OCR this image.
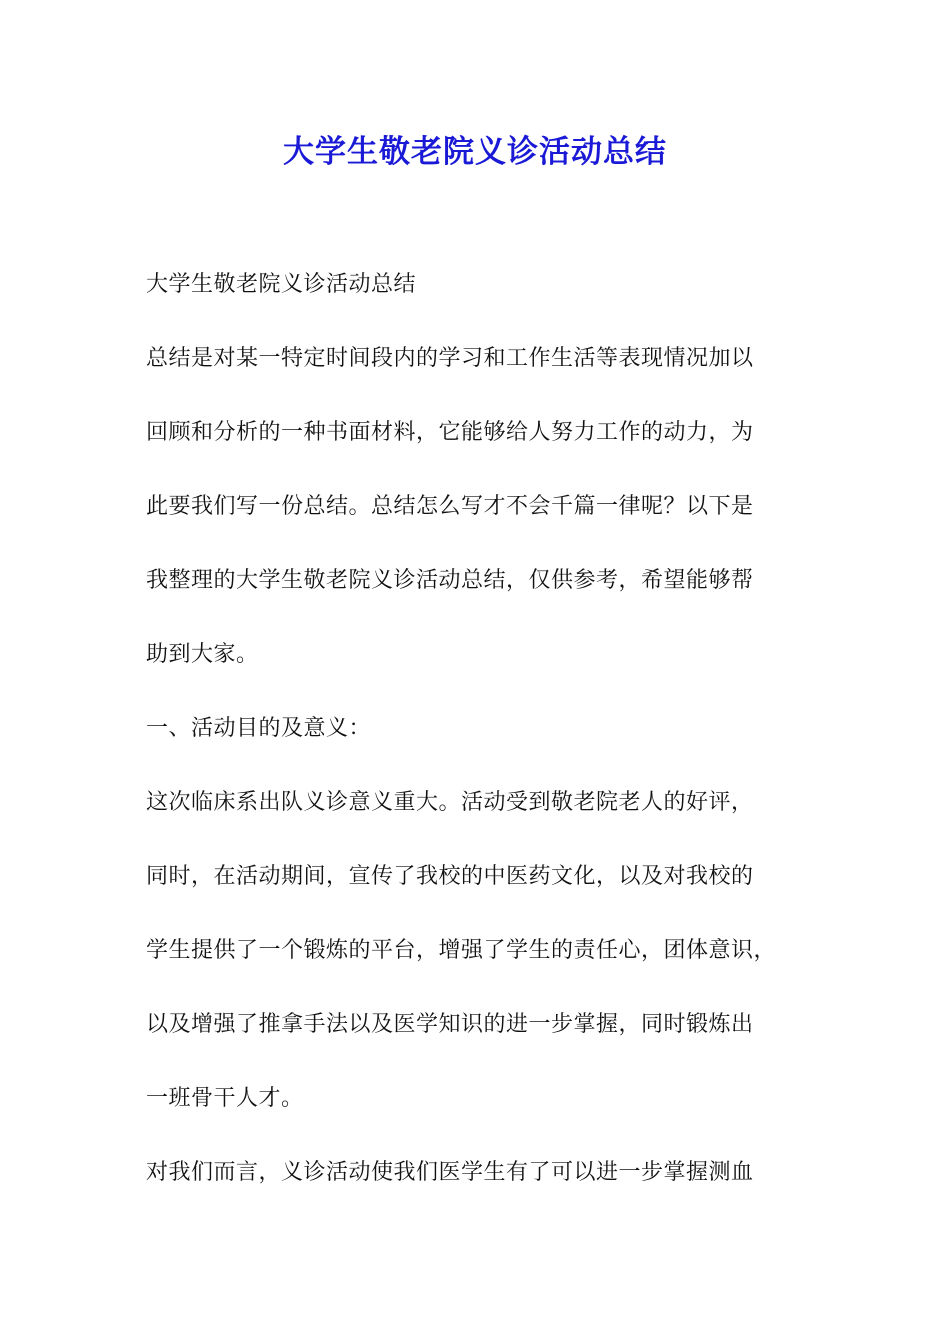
大学生敬老院义诊活动总结
大学生敬老院义诊活动总结
总结是对某一特定时间段内的学习和工作生活等表现情况加以
回顾和分析的一种书面材料，它能够给人努力工作的动力，为
此要我们写一份总结。总结怎么写才不会千篇一律呢？以下是
我整理的大学生敬老院义诊活动总结，仅供参考，希望能够帮
助到大家。
一、活动目的及意义：
这次临床系出队义诊意义重大。活动受到敬老院老人的好评，
同时，在活动期间，宣传了我校的中医药文化，以及对我校的
学生提供了一个锻炼的平台，增强了学生的责任心，团体意识，
以及增强了推拿手法以及医学知识的进一步掌握，同时锻炼出
一班骨干人才。
对我们而言，义诊活动使我们医学生有了可以进一步掌握测血
